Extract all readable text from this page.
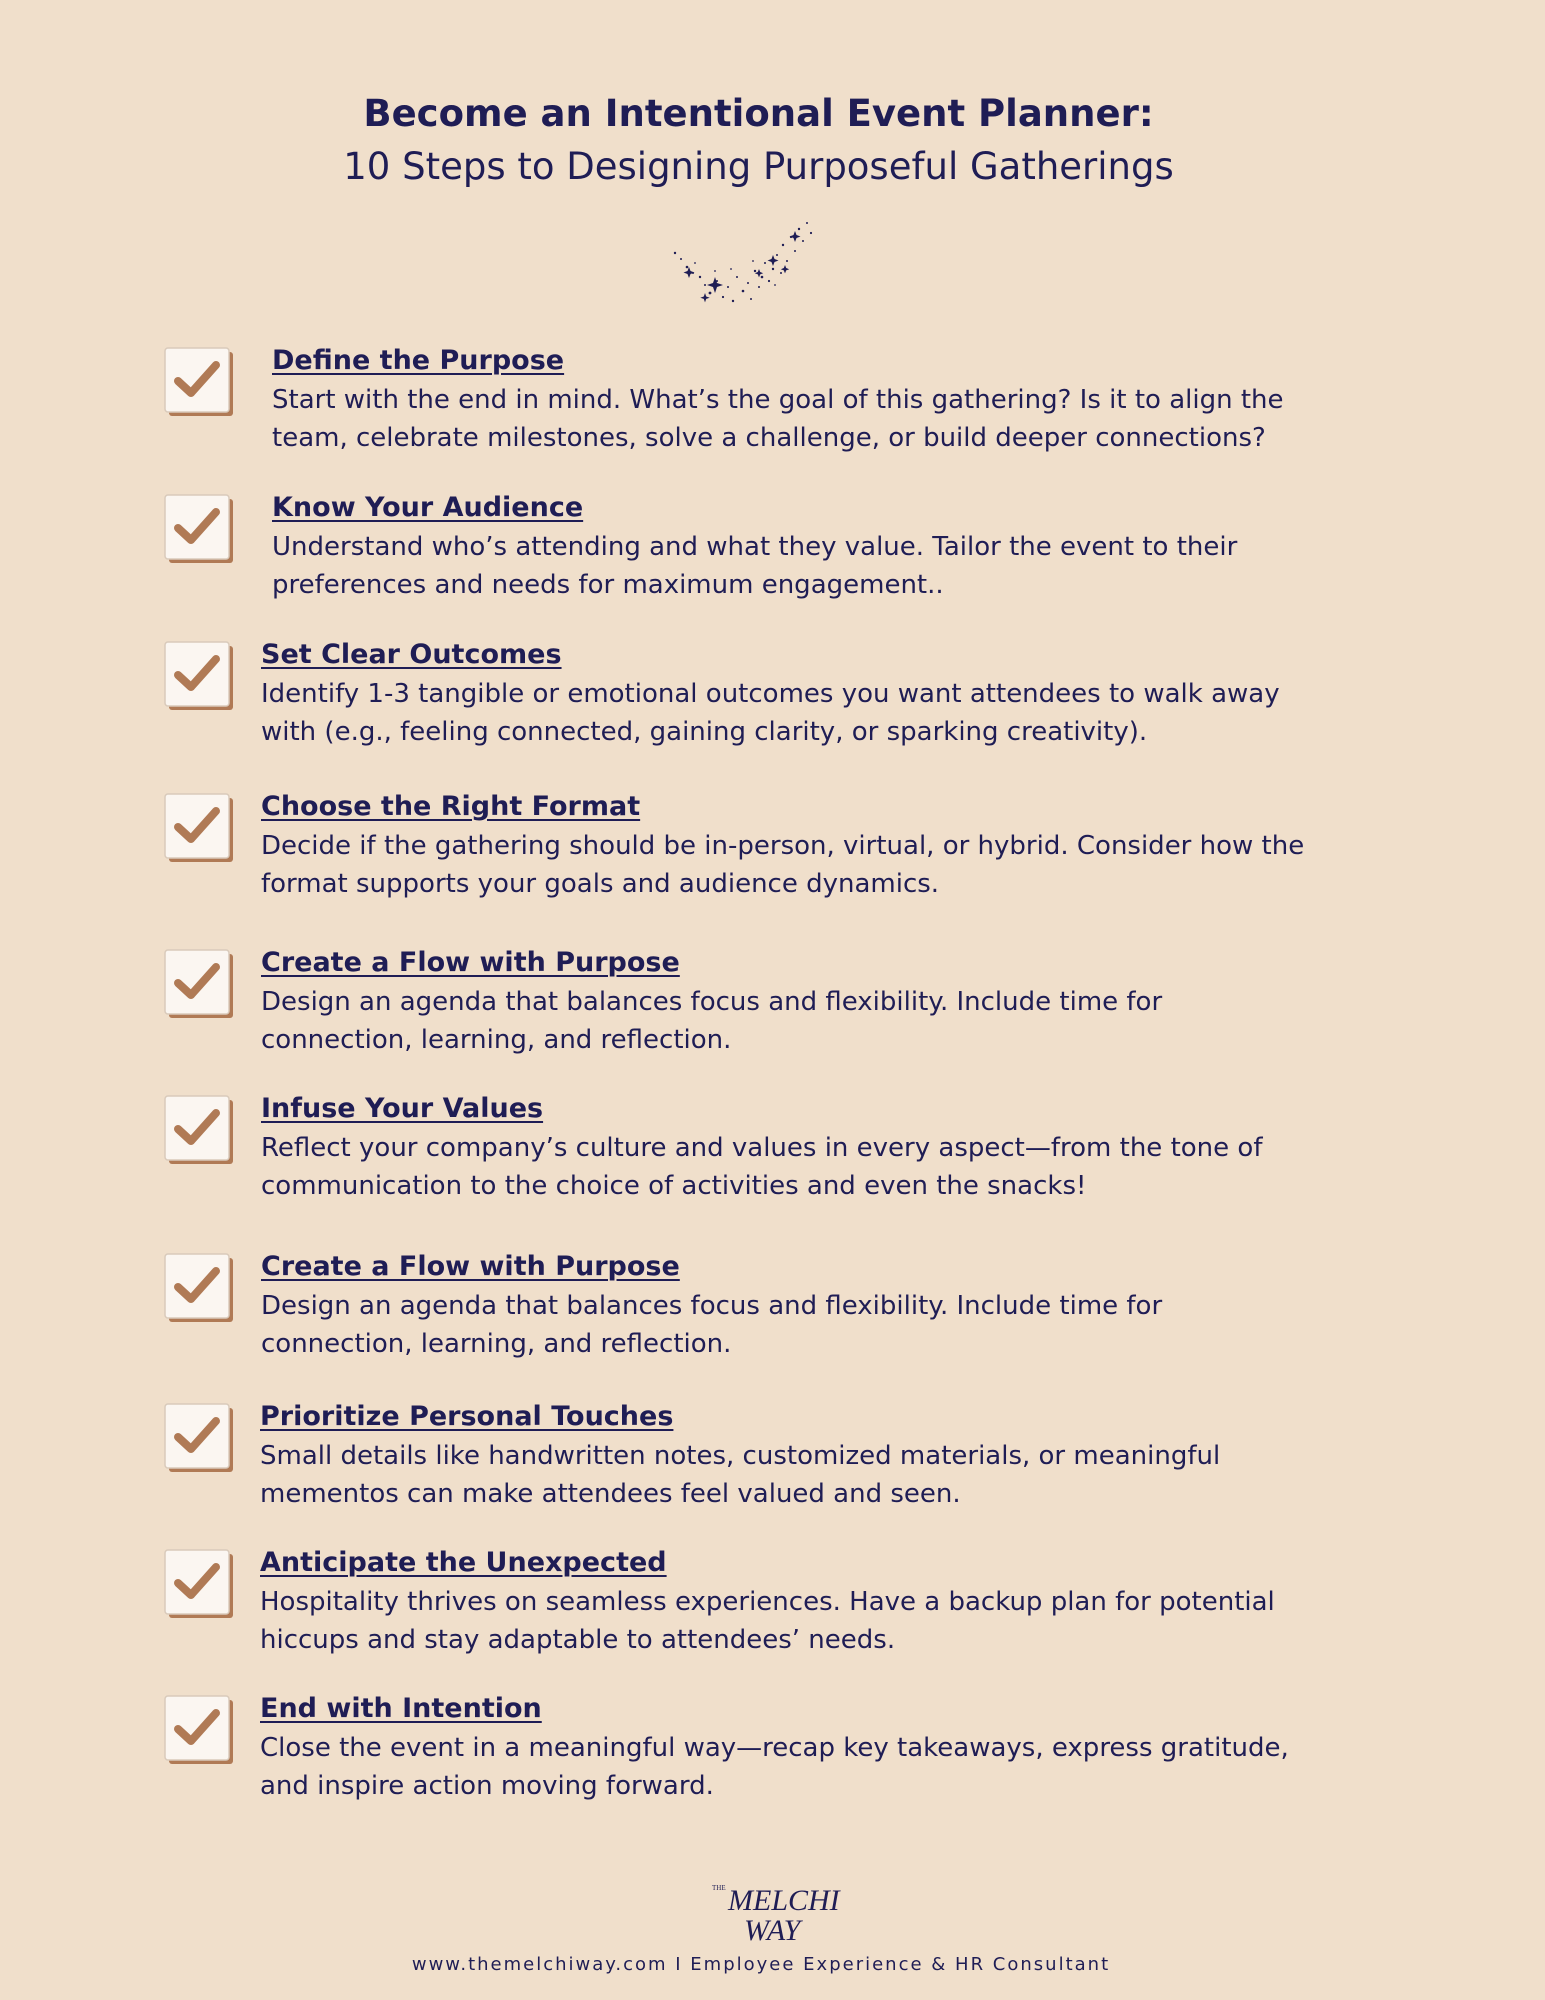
Become an Intentional Event Planner:
10 Steps to Designing Purposeful Gatherings

Define the Purpose

Start with the end in mind. What’s the goal of this gathering? Is it to align the team, celebrate milestones, solve a challenge, or build deeper connections?

Know Your Audience

Understand who’s attending and what they value. Tailor the event to their preferences and needs for maximum engagement..

Set Clear Outcomes

Identify 1-3 tangible or emotional outcomes you want attendees to walk away with (e.g., feeling connected, gaining clarity, or sparking creativity).

Choose the Right Format

Decide if the gathering should be in-person, virtual, or hybrid. Consider how the format supports your goals and audience dynamics.

Create a Flow with Purpose

Design an agenda that balances focus and flexibility. Include time for connection, learning, and reflection.

Infuse Your Values

Reflect your company’s culture and values in every aspect—from the tone of communication to the choice of activities and even the snacks!

Create a Flow with Purpose

Design an agenda that balances focus and flexibility. Include time for connection, learning, and reflection.

Prioritize Personal Touches

Small details like handwritten notes, customized materials, or meaningful mementos can make attendees feel valued and seen.

Anticipate the Unexpected

Hospitality thrives on seamless experiences. Have a backup plan for potential hiccups and stay adaptable to attendees’ needs.

End with Intention

Close the event in a meaningful way—recap key takeaways, express gratitude, and inspire action moving forward.

THE MELCHI
WAY
www.themelchiway.com I Employee Experience & HR Consultant
